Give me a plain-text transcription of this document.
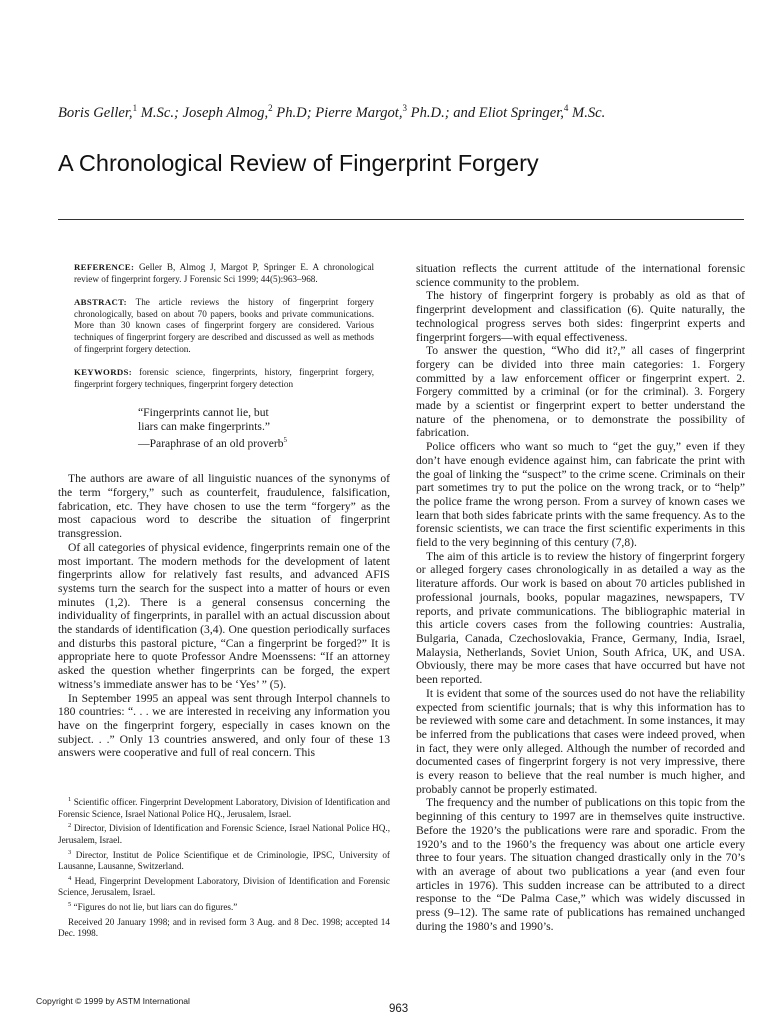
Boris Geller,$^1$ M.Sc.; Joseph Almog,$^2$ Ph.D; Pierre Margot,$^3$ Ph.D.; and Eliot Springer,$^4$ M.Sc.
A Chronological Review of Fingerprint Forgery

REFERENCE: Geller B, Almog J, Margot P, Springer E. A chronological review of fingerprint forgery. J Forensic Sci 1999; 44(5):963–968.

ABSTRACT: The article reviews the history of fingerprint forgery chronologically, based on about 70 papers, books and private communications. More than 30 known cases of fingerprint forgery are considered. Various techniques of fingerprint forgery are described and discussed as well as methods of fingerprint forgery detection.

KEYWORDS: forensic science, fingerprints, history, fingerprint forgery, fingerprint forgery techniques, fingerprint forgery detection

“Fingerprints cannot lie, but
liars can make fingerprints.”
—Paraphrase of an old proverb$^5$

The authors are aware of all linguistic nuances of the synonyms of the term “forgery,” such as counterfeit, fraudulence, falsification, fabrication, etc. They have chosen to use the term “forgery” as the most capacious word to describe the situation of fingerprint transgression.

Of all categories of physical evidence, fingerprints remain one of the most important. The modern methods for the development of latent fingerprints allow for relatively fast results, and advanced AFIS systems turn the search for the suspect into a matter of hours or even minutes (1,2). There is a general consensus concerning the individuality of fingerprints, in parallel with an actual discussion about the standards of identification (3,4). One question periodically surfaces and disturbs this pastoral picture, “Can a fingerprint be forged?” It is appropriate here to quote Professor Andre Moenssens: “If an attorney asked the question whether fingerprints can be forged, the expert witness’s immediate answer has to be ‘Yes’ ” (5).

In September 1995 an appeal was sent through Interpol channels to 180 countries: “. . . we are interested in receiving any information you have on the fingerprint forgery, especially in cases known on the subject. . .” Only 13 countries answered, and only four of these 13 answers were cooperative and full of real concern. This

$^1$ Scientific officer. Fingerprint Development Laboratory, Division of Identification and Forensic Science, Israel National Police HQ., Jerusalem, Israel.

$^2$ Director, Division of Identification and Forensic Science, Israel National Police HQ., Jerusalem, Israel.

$^3$ Director, Institut de Police Scientifique et de Criminologie, IPSC, University of Lausanne, Lausanne, Switzerland.

$^4$ Head, Fingerprint Development Laboratory, Division of Identification and Forensic Science, Jerusalem, Israel.

$^5$ “Figures do not lie, but liars can do figures.”

Received 20 January 1998; and in revised form 3 Aug. and 8 Dec. 1998; accepted 14 Dec. 1998.

situation reflects the current attitude of the international forensic science community to the problem.

The history of fingerprint forgery is probably as old as that of fingerprint development and classification (6). Quite naturally, the technological progress serves both sides: fingerprint experts and fingerprint forgers—with equal effectiveness.

To answer the question, “Who did it?,” all cases of fingerprint forgery can be divided into three main categories: 1. Forgery committed by a law enforcement officer or fingerprint expert. 2. Forgery committed by a criminal (or for the criminal). 3. Forgery made by a scientist or fingerprint expert to better understand the nature of the phenomena, or to demonstrate the possibility of fabrication.

Police officers who want so much to “get the guy,” even if they don’t have enough evidence against him, can fabricate the print with the goal of linking the “suspect” to the crime scene. Criminals on their part sometimes try to put the police on the wrong track, or to “help” the police frame the wrong person. From a survey of known cases we learn that both sides fabricate prints with the same frequency. As to the forensic scientists, we can trace the first scientific experiments in this field to the very beginning of this century (7,8).

The aim of this article is to review the history of fingerprint forgery or alleged forgery cases chronologically in as detailed a way as the literature affords. Our work is based on about 70 articles published in professional journals, books, popular magazines, newspapers, TV reports, and private communications. The bibliographic material in this article covers cases from the following countries: Australia, Bulgaria, Canada, Czechoslovakia, France, Germany, India, Israel, Malaysia, Netherlands, Soviet Union, South Africa, UK, and USA. Obviously, there may be more cases that have occurred but have not been reported.

It is evident that some of the sources used do not have the reliability expected from scientific journals; that is why this information has to be reviewed with some care and detachment. In some instances, it may be inferred from the publications that cases were indeed proved, when in fact, they were only alleged. Although the number of recorded and documented cases of fingerprint forgery is not very impressive, there is every reason to believe that the real number is much higher, and probably cannot be properly estimated.

The frequency and the number of publications on this topic from the beginning of this century to 1997 are in themselves quite instructive. Before the 1920’s the publications were rare and sporadic. From the 1920’s and to the 1960’s the frequency was about one article every three to four years. The situation changed drastically only in the 70’s with an average of about two publications a year (and even four articles in 1976). This sudden increase can be attributed to a direct response to the “De Palma Case,” which was widely discussed in press (9–12). The same rate of publications has remained unchanged during the 1980’s and 1990’s.

Copyright © 1999 by ASTM International
963
